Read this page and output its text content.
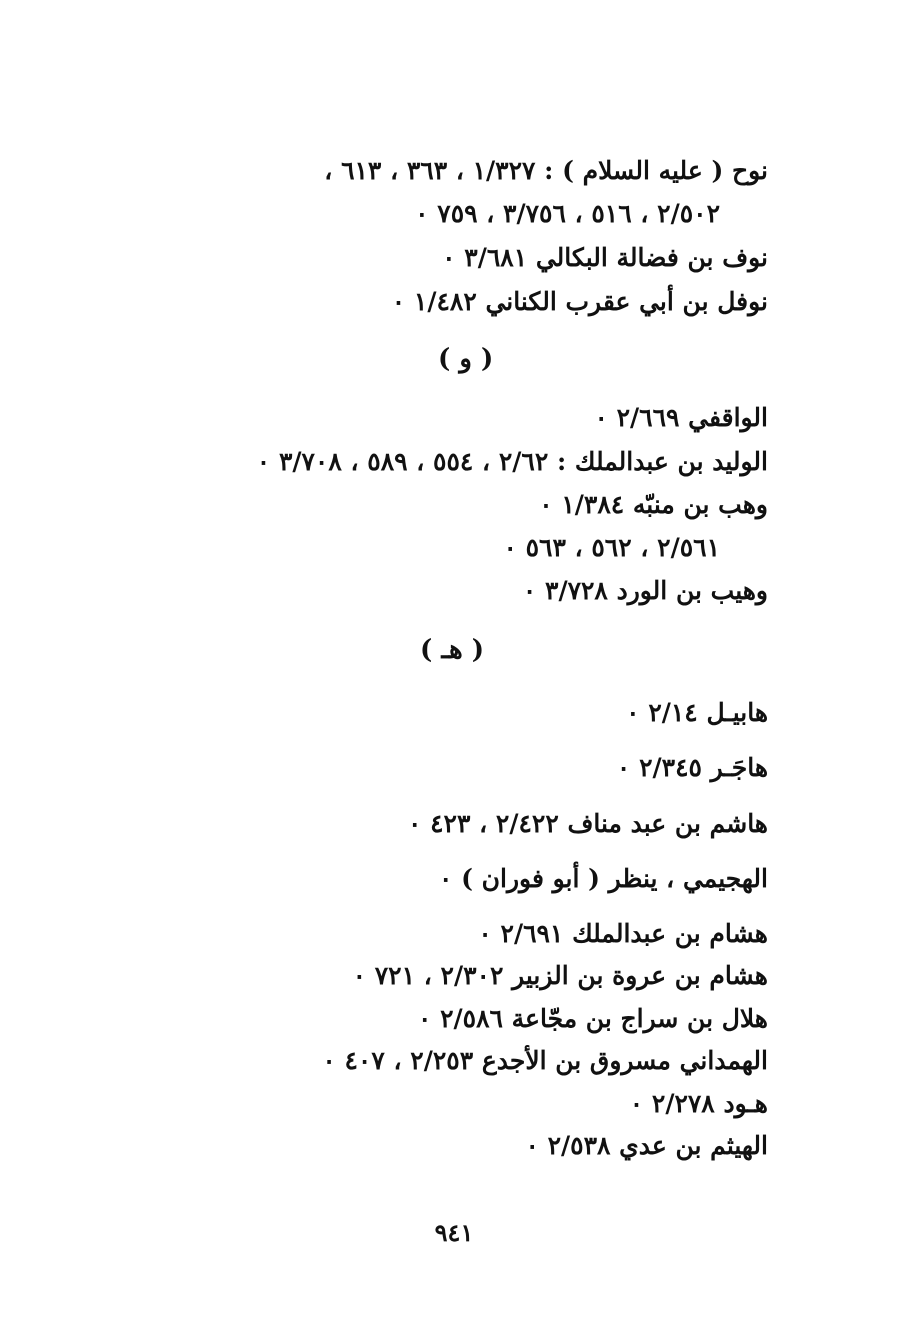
نوح ( عليه السلام ) : ١/٣٢٧ ، ٣٦٣ ، ٦١٣ ،
٢/٥٠٢ ، ٥١٦ ، ٣/٧٥٦ ، ٧٥٩ ٠
نوف بن فضالة البكالي ٣/٦٨١ ٠
نوفل بن أبي عقرب الكناني ١/٤٨٢ ٠
( و )
الواقفي ٢/٦٦٩ ٠
الوليد بن عبدالملك : ٢/٦٢ ، ٥٥٤ ، ٥٨٩ ، ٣/٧٠٨ ٠
وهب بن منبّه ١/٣٨٤ ٠
٢/٥٦١ ، ٥٦٢ ، ٥٦٣ ٠
وهيب بن الورد ٣/٧٢٨ ٠
( هـ )
هابيـل ٢/١٤ ٠
هاجَـر ٢/٣٤٥ ٠
هاشم بن عبد مناف ٢/٤٢٢ ، ٤٢٣ ٠
الهجيمي ، ينظر ( أبو فوران ) ٠
هشام بن عبدالملك ٢/٦٩١ ٠
هشام بن عروة بن الزبير ٢/٣٠٢ ، ٧٢١ ٠
هلال بن سراج بن مجّاعة ٢/٥٨٦ ٠
الهمداني مسروق بن الأجدع ٢/٢٥٣ ، ٤٠٧ ٠
هـود ٢/٢٧٨ ٠
الهيثم بن عدي ٢/٥٣٨ ٠
٩٤١
